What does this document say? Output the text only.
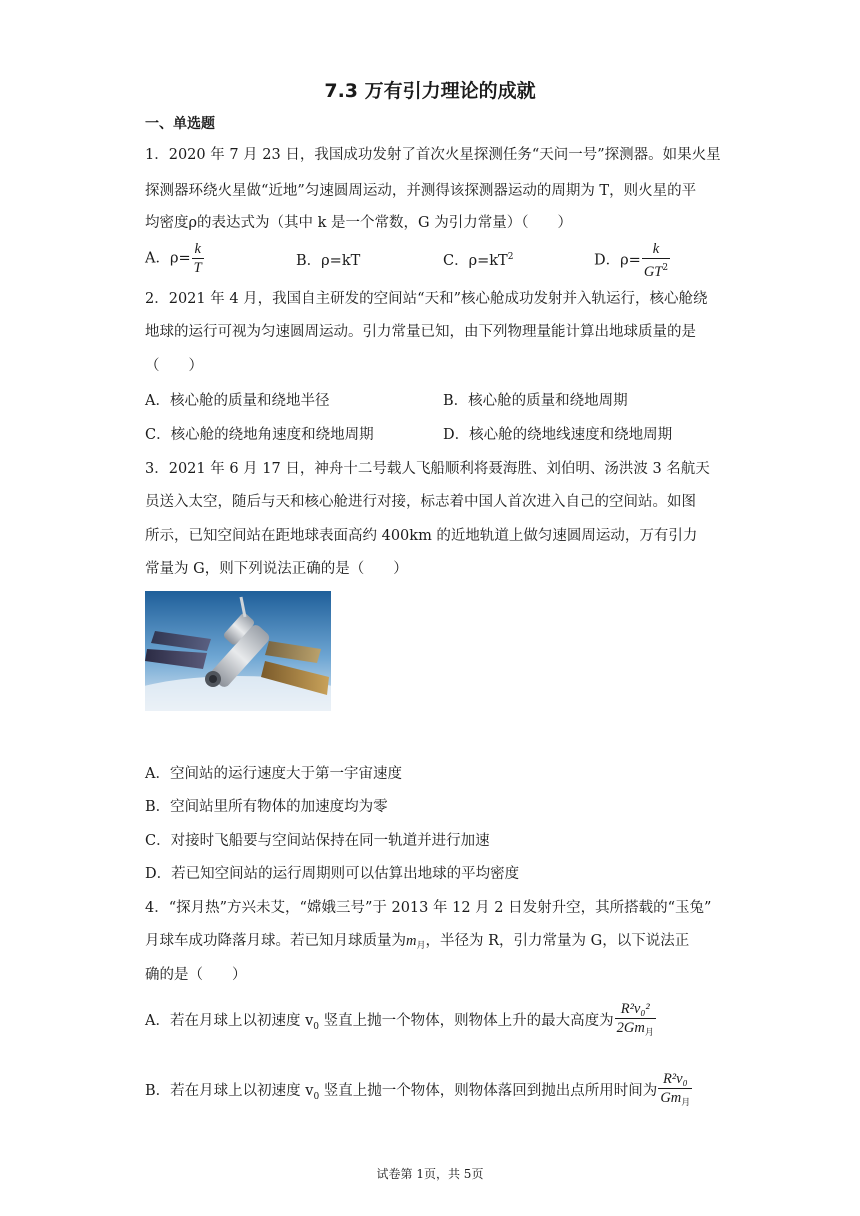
7.3 万有引力理论的成就
一、单选题
1．2020 年 7 月 23 日，我国成功发射了首次火星探测任务“天问一号”探测器。如果火星
探测器环绕火星做“近地”匀速圆周运动，并测得该探测器运动的周期为 T，则火星的平
均密度ρ的表达式为（其中 k 是一个常数，G 为引力常量）（　　）
A．$\rho= \frac{k}{T}$	B．ρ=kT	C．$\rho=kT^2$	D．$\rho= \frac{k}{GT^2}$
2．2021 年 4 月，我国自主研发的空间站“天和”核心舱成功发射并入轨运行，核心舱绕
地球的运行可视为匀速圆周运动。引力常量已知，由下列物理量能计算出地球质量的是
（　　）
A．核心舱的质量和绕地半径	B．核心舱的质量和绕地周期
C．核心舱的绕地角速度和绕地周期	D．核心舱的绕地线速度和绕地周期
3．2021 年 6 月 17 日，神舟十二号载人飞船顺利将聂海胜、刘伯明、汤洪波 3 名航天
员送入太空，随后与天和核心舱进行对接，标志着中国人首次进入自己的空间站。如图
所示，已知空间站在距地球表面高约 400km 的近地轨道上做匀速圆周运动，万有引力
常量为 G，则下列说法正确的是（　　）
A．空间站的运行速度大于第一宇宙速度
B．空间站里所有物体的加速度均为零
C．对接时飞船要与空间站保持在同一轨道并进行加速
D．若已知空间站的运行周期则可以估算出地球的平均密度
4．“探月热”方兴未艾，“嫦娥三号”于 2013 年 12 月 2 日发射升空，其所搭载的“玉兔”
月球车成功降落月球。若已知月球质量为$m_月$，半径为 R，引力常量为 G，以下说法正
确的是（　　）
A．若在月球上以初速度 $v_0$ 竖直上抛一个物体，则物体上升的最大高度为 $\frac{\text{R²v₀²}}{2Gm_月}$
B．若在月球上以初速度 $v_0$ 竖直上抛一个物体，则物体落回到抛出点所用时间为 $\frac{\text{R²v₀}}{Gm_月}$
试卷第 1页，共 5页
